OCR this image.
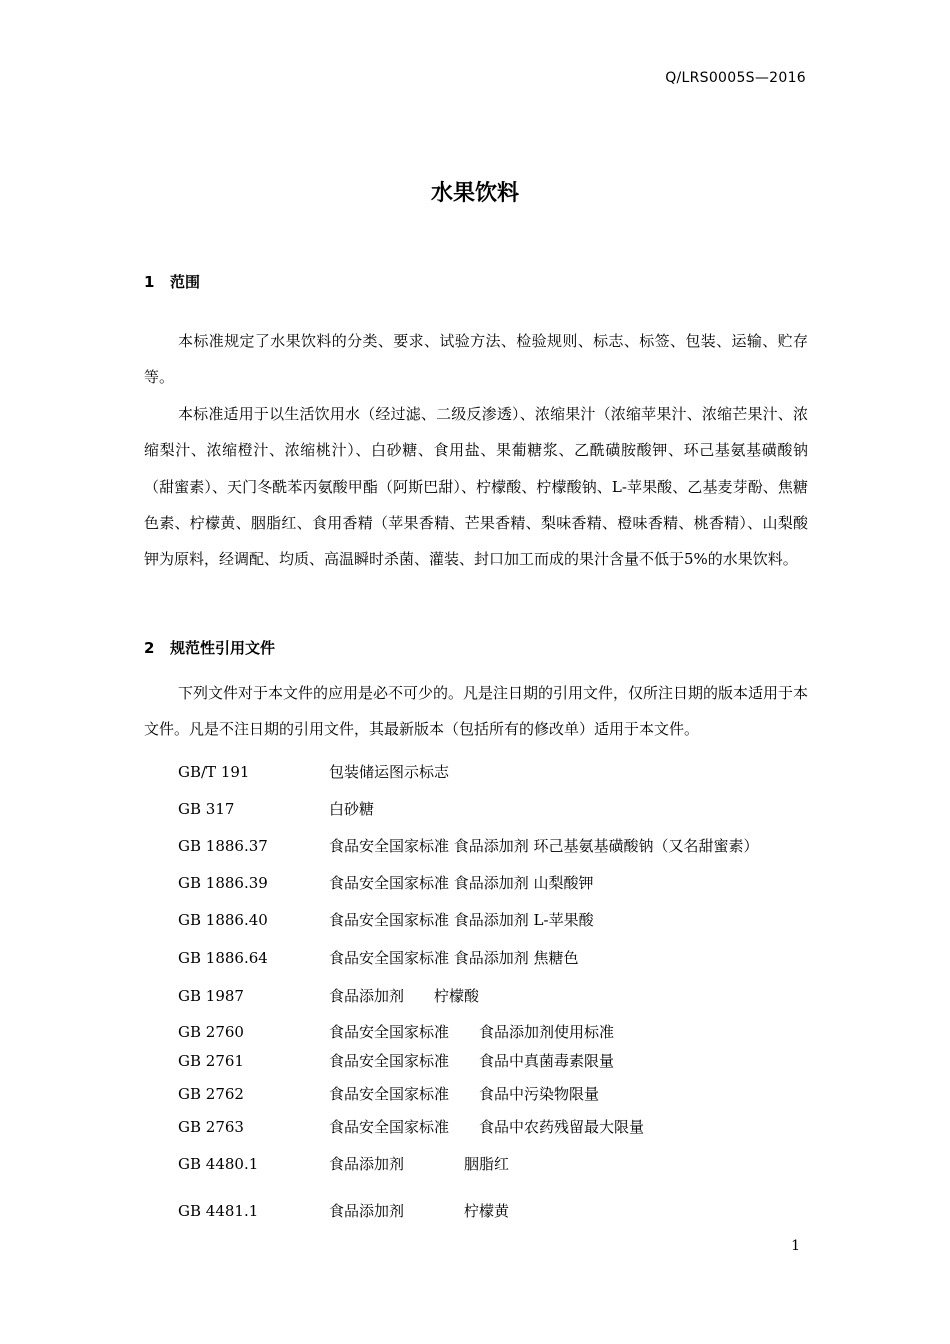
Q/LRS0005S—2016
水果饮料
1 范围

本标准规定了水果饮料的分类、要求、试验方法、检验规则、标志、标签、包装、运输、贮存等。

本标准适用于以生活饮用水（经过滤、二级反渗透）、浓缩果汁（浓缩苹果汁、浓缩芒果汁、浓缩梨汁、浓缩橙汁、浓缩桃汁）、白砂糖、食用盐、果葡糖浆、乙酰磺胺酸钾、环己基氨基磺酸钠（甜蜜素）、天门冬酰苯丙氨酸甲酯（阿斯巴甜）、柠檬酸、柠檬酸钠、L-苹果酸、乙基麦芽酚、焦糖色素、柠檬黄、胭脂红、食用香精（苹果香精、芒果香精、梨味香精、橙味香精、桃香精）、山梨酸钾为原料，经调配、均质、高温瞬时杀菌、灌装、封口加工而成的果汁含量不低于5%的水果饮料。

2 规范性引用文件

下列文件对于本文件的应用是必不可少的。凡是注日期的引用文件，仅所注日期的版本适用于本文件。凡是不注日期的引用文件，其最新版本（包括所有的修改单）适用于本文件。

GB/T 191	包装储运图示标志
GB 317	白砂糖
GB 1886.37	食品安全国家标准 食品添加剂 环己基氨基磺酸钠（又名甜蜜素）
GB 1886.39	食品安全国家标准 食品添加剂 山梨酸钾
GB 1886.40	食品安全国家标准 食品添加剂 L-苹果酸
GB 1886.64	食品安全国家标准 食品添加剂 焦糖色
GB 1987	食品添加剂　　柠檬酸
GB 2760	食品安全国家标准　　食品添加剂使用标准
GB 2761	食品安全国家标准　　食品中真菌毒素限量
GB 2762	食品安全国家标准　　食品中污染物限量
GB 2763	食品安全国家标准　　食品中农药残留最大限量
GB 4480.1	食品添加剂　　　　胭脂红
GB 4481.1	食品添加剂　　　　柠檬黄
1
